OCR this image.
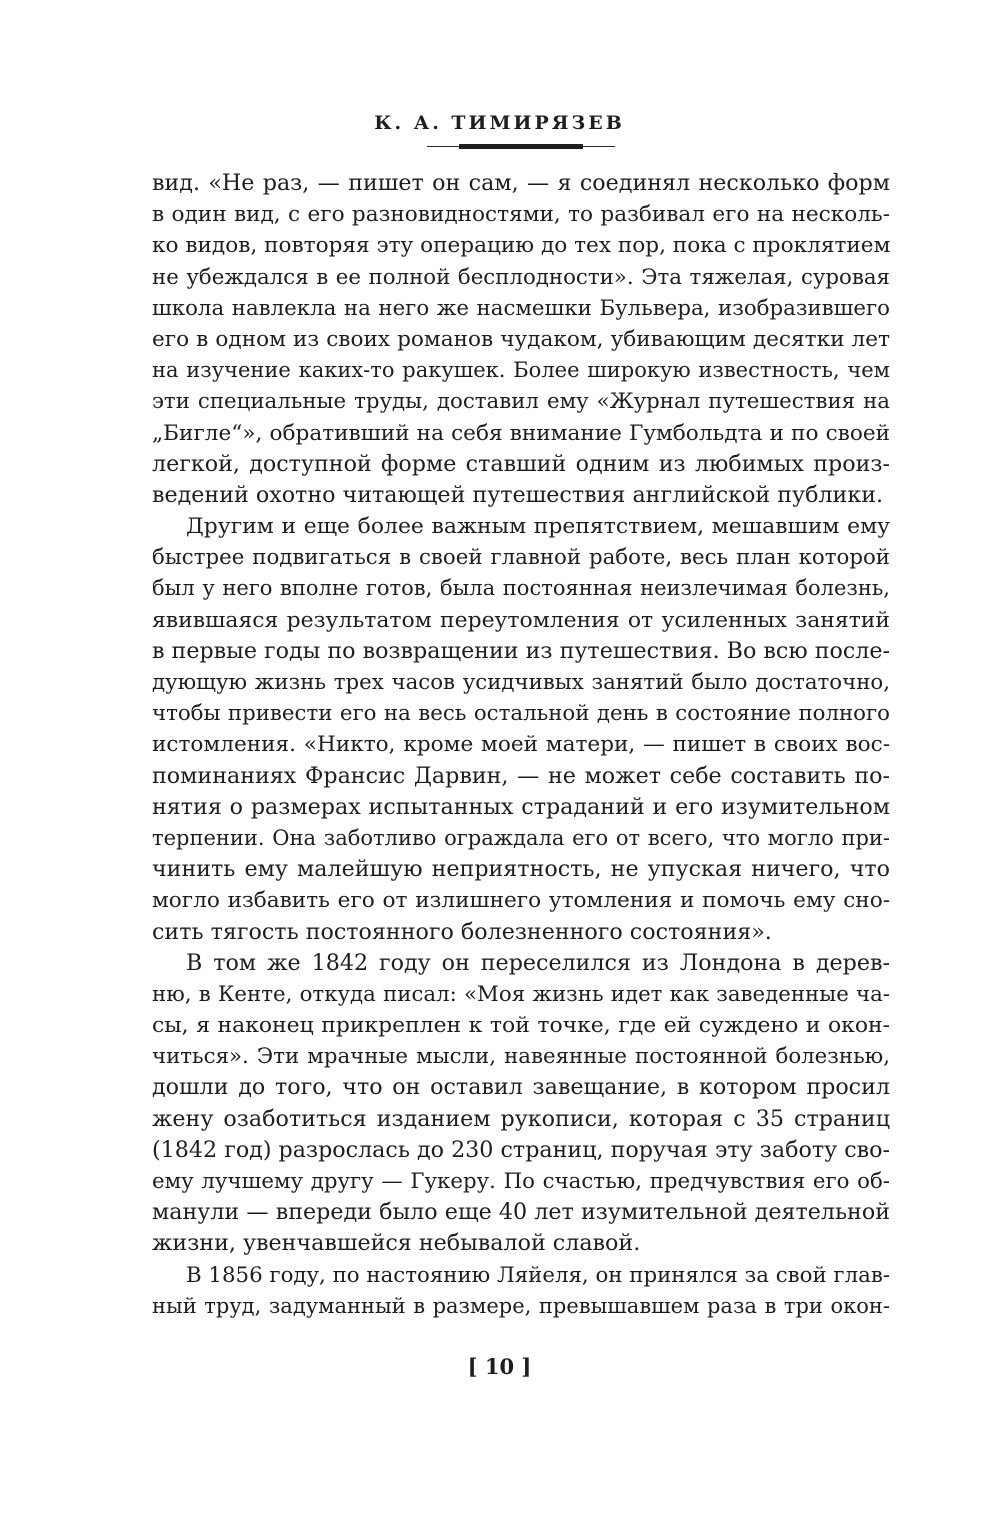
К. А. ТИМИРЯЗЕВ
вид. «Не раз, — пишет он сам, — я соединял несколько форм
в один вид, с его разновидностями, то разбивал его на несколь-
ко видов, повторяя эту операцию до тех пор, пока с проклятием
не убеждался в ее полной бесплодности». Эта тяжелая, суровая
школа навлекла на него же насмешки Бульвера, изобразившего
его в одном из своих романов чудаком, убивающим десятки лет
на изучение каких-то ракушек. Более широкую известность, чем
эти специальные труды, доставил ему «Журнал путешествия на
„Бигле“», обративший на себя внимание Гумбольдта и по своей
легкой, доступной форме ставший одним из любимых произ-
ведений охотно читающей путешествия английской публики.
Другим и еще более важным препятствием, мешавшим ему
быстрее подвигаться в своей главной работе, весь план которой
был у него вполне готов, была постоянная неизлечимая болезнь,
явившаяся результатом переутомления от усиленных занятий
в первые годы по возвращении из путешествия. Во всю после-
дующую жизнь трех часов усидчивых занятий было достаточно,
чтобы привести его на весь остальной день в состояние полного
истомления. «Никто, кроме моей матери, — пишет в своих вос-
поминаниях Франсис Дарвин, — не может себе составить по-
нятия о размерах испытанных страданий и его изумительном
терпении. Она заботливо ограждала его от всего, что могло при-
чинить ему малейшую неприятность, не упуская ничего, что
могло избавить его от излишнего утомления и помочь ему сно-
сить тягость постоянного болезненного состояния».
В том же 1842 году он переселился из Лондона в дерев-
ню, в Кенте, откуда писал: «Моя жизнь идет как заведенные ча-
сы, я наконец прикреплен к той точке, где ей суждено и окон-
читься». Эти мрачные мысли, навеянные постоянной болезнью,
дошли до того, что он оставил завещание, в котором просил
жену озаботиться изданием рукописи, которая с 35 страниц
(1842 год) разрослась до 230 страниц, поручая эту заботу сво-
ему лучшему другу — Гукеру. По счастью, предчувствия его об-
манули — впереди было еще 40 лет изумительной деятельной
жизни, увенчавшейся небывалой славой.
В 1856 году, по настоянию Ляйеля, он принялся за свой глав-
ный труд, задуманный в размере, превышавшем раза в три окон-
[ 10 ]
